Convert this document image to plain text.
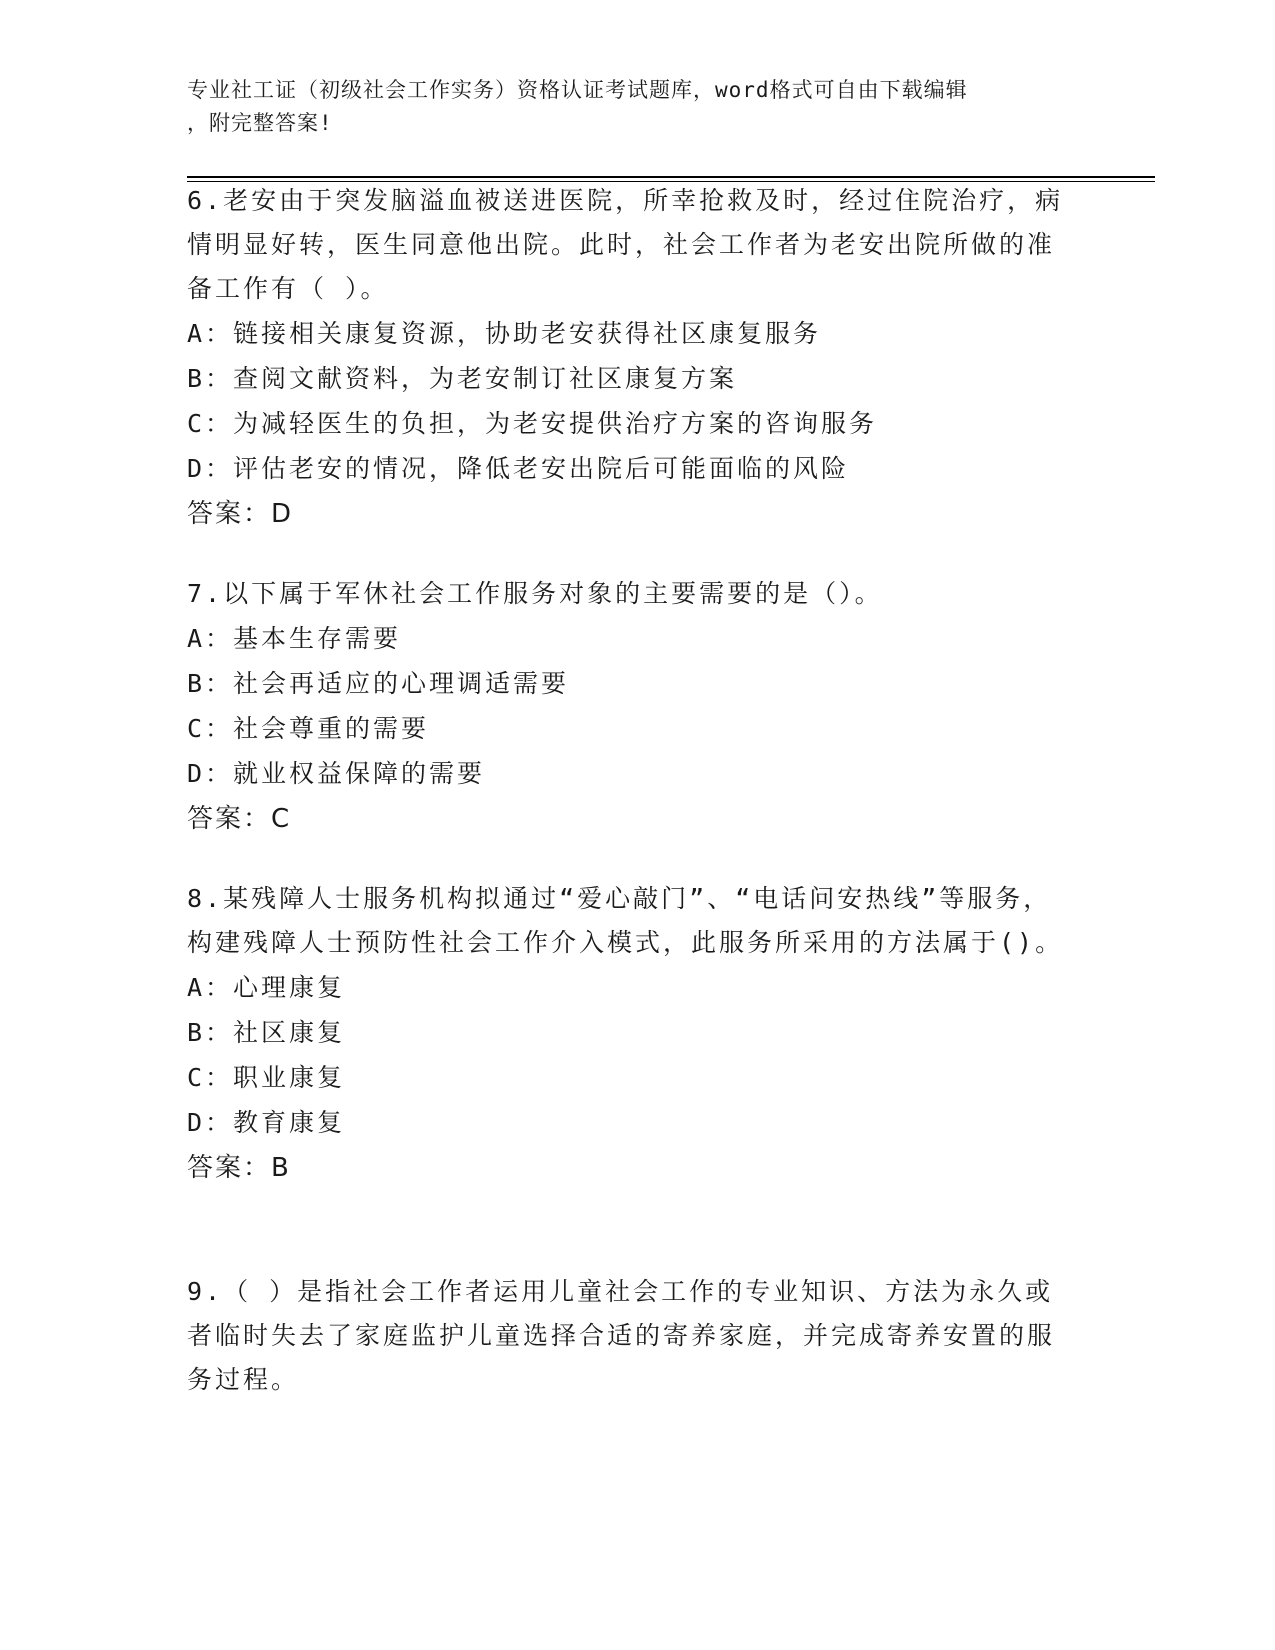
专业社工证（初级社会工作实务）资格认证考试题库，word格式可自由下载编辑
，附完整答案!

6.老安由于突发脑溢血被送进医院，所幸抢救及时，经过住院治疗，病情明显好转，医生同意他出院。此时，社会工作者为老安出院所做的准备工作有（ ）。

A：链接相关康复资源，协助老安获得社区康复服务

B：查阅文献资料，为老安制订社区康复方案

C：为减轻医生的负担，为老安提供治疗方案的咨询服务

D：评估老安的情况，降低老安出院后可能面临的风险

答案：D

7.以下属于军休社会工作服务对象的主要需要的是（）。

A：基本生存需要

B：社会再适应的心理调适需要

C：社会尊重的需要

D：就业权益保障的需要

答案：C

8.某残障人士服务机构拟通过“爱心敲门”、“电话问安热线”等服务，构建残障人士预防性社会工作介入模式，此服务所采用的方法属于()。

A：心理康复

B：社区康复

C：职业康复

D：教育康复

答案：B

9.（ ）是指社会工作者运用儿童社会工作的专业知识、方法为永久或者临时失去了家庭监护儿童选择合适的寄养家庭，并完成寄养安置的服务过程。
